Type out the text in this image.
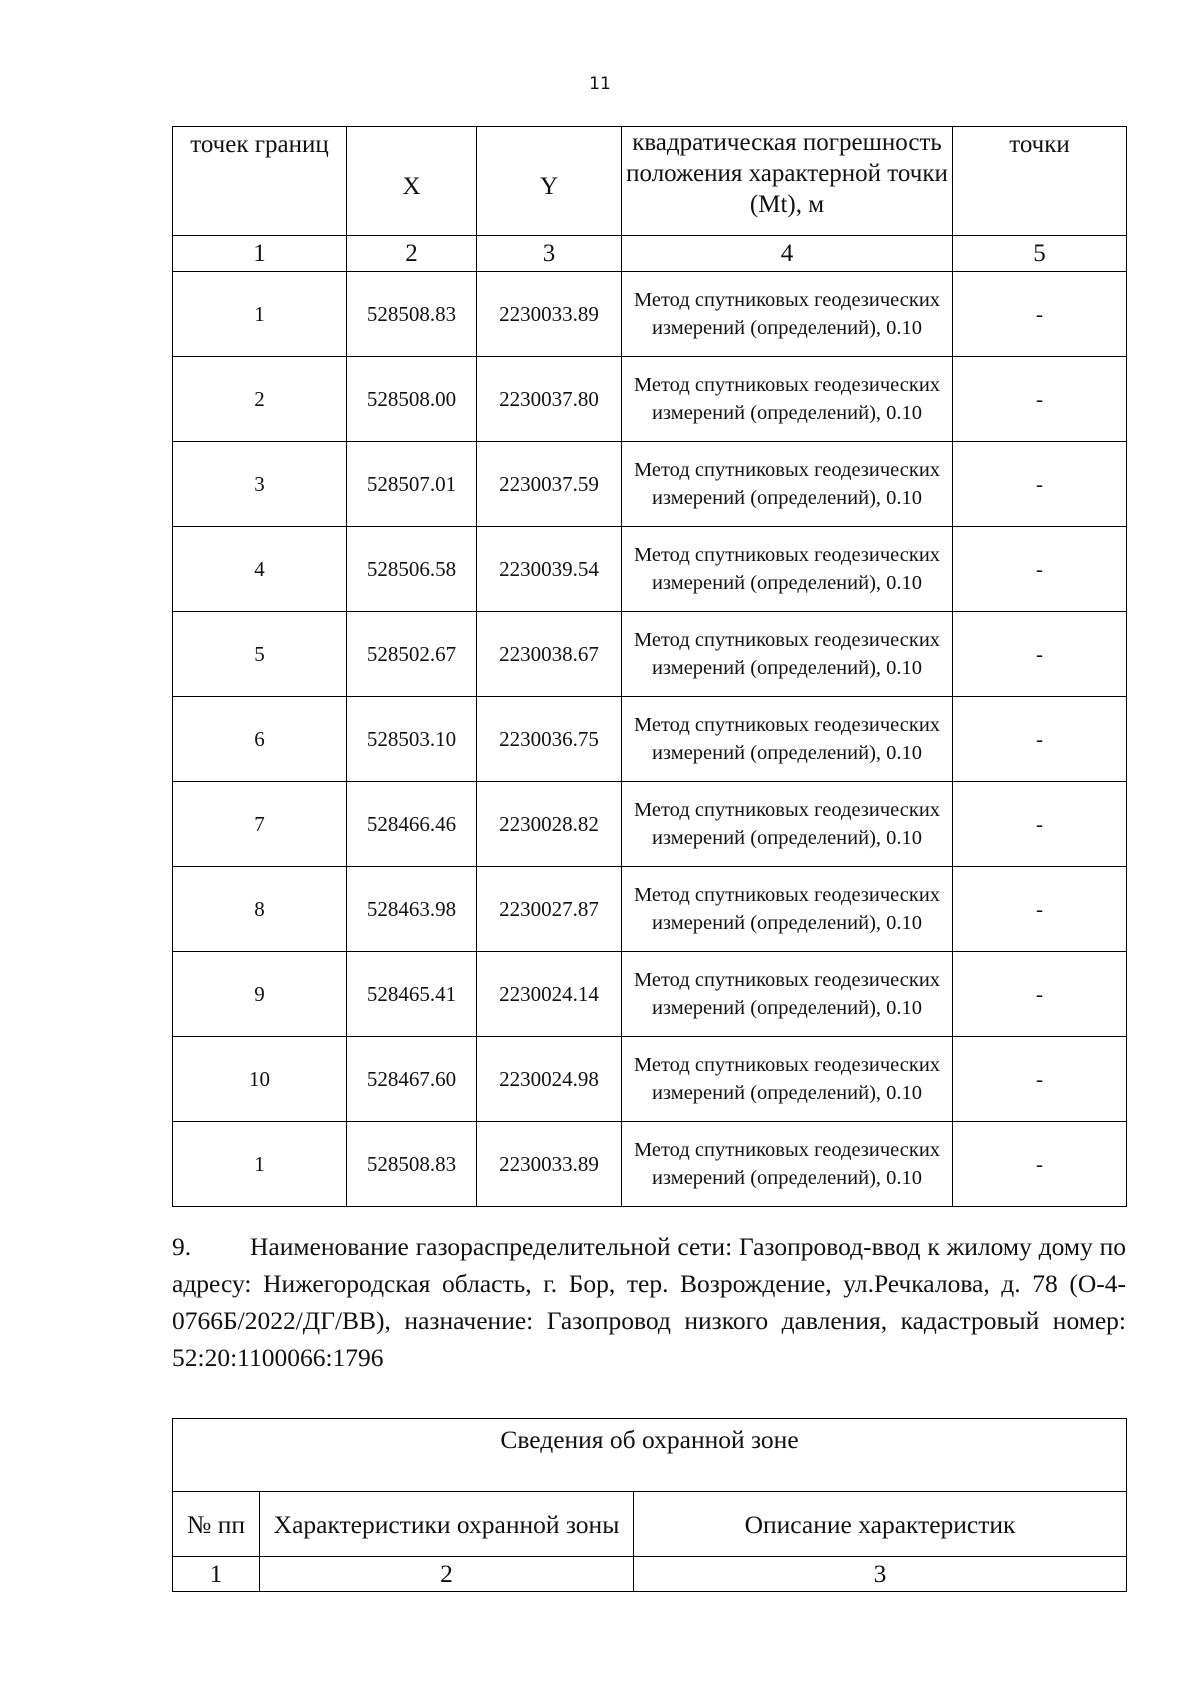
11
точек границ	X	Y	квадратическая погрешность положения характерной точки (Mt), м	точки
1	2	3	4	5
1	528508.83	2230033.89	Метод спутниковых геодезических измерений (определений), 0.10	-
2	528508.00	2230037.80	Метод спутниковых геодезических измерений (определений), 0.10	-
3	528507.01	2230037.59	Метод спутниковых геодезических измерений (определений), 0.10	-
4	528506.58	2230039.54	Метод спутниковых геодезических измерений (определений), 0.10	-
5	528502.67	2230038.67	Метод спутниковых геодезических измерений (определений), 0.10	-
6	528503.10	2230036.75	Метод спутниковых геодезических измерений (определений), 0.10	-
7	528466.46	2230028.82	Метод спутниковых геодезических измерений (определений), 0.10	-
8	528463.98	2230027.87	Метод спутниковых геодезических измерений (определений), 0.10	-
9	528465.41	2230024.14	Метод спутниковых геодезических измерений (определений), 0.10	-
10	528467.60	2230024.98	Метод спутниковых геодезических измерений (определений), 0.10	-
1	528508.83	2230033.89	Метод спутниковых геодезических измерений (определений), 0.10	-
9. Наименование газораспределительной сети: Газопровод-ввод к жилому дому по адресу: Нижегородская область, г. Бор, тер. Возрождение, ул.Речкалова, д. 78 (О-4-0766Б/2022/ДГ/ВВ), назначение: Газопровод низкого давления, кадастровый номер: 52:20:1100066:1796
Сведения об охранной зоне		
№ пп	Характеристики охранной зоны	Описание характеристик
1	2	3
